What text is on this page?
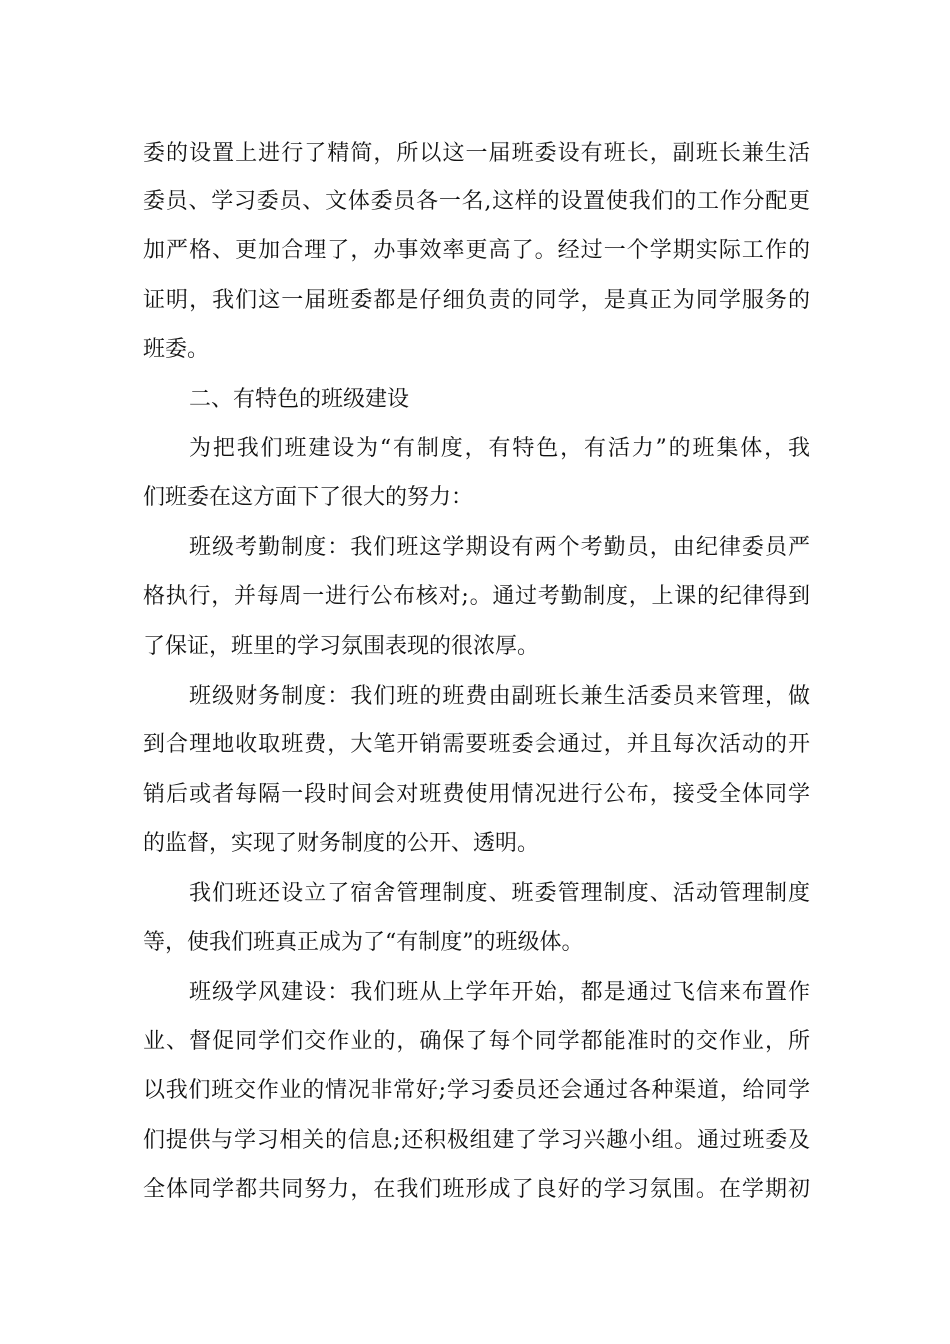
委的设置上进行了精简，所以这一届班委设有班长，副班长兼生活
委员、学习委员、文体委员各一名,这样的设置使我们的工作分配更
加严格、更加合理了，办事效率更高了。经过一个学期实际工作的
证明，我们这一届班委都是仔细负责的同学，是真正为同学服务的
班委。
二、有特色的班级建设
为把我们班建设为“有制度，有特色，有活力”的班集体，我
们班委在这方面下了很大的努力：
班级考勤制度：我们班这学期设有两个考勤员，由纪律委员严
格执行，并每周一进行公布核对;。通过考勤制度，上课的纪律得到
了保证，班里的学习氛围表现的很浓厚。
班级财务制度：我们班的班费由副班长兼生活委员来管理，做
到合理地收取班费，大笔开销需要班委会通过，并且每次活动的开
销后或者每隔一段时间会对班费使用情况进行公布，接受全体同学
的监督，实现了财务制度的公开、透明。
我们班还设立了宿舍管理制度、班委管理制度、活动管理制度
等，使我们班真正成为了“有制度”的班级体。
班级学风建设：我们班从上学年开始，都是通过飞信来布置作
业、督促同学们交作业的，确保了每个同学都能准时的交作业，所
以我们班交作业的情况非常好;学习委员还会通过各种渠道，给同学
们提供与学习相关的信息;还积极组建了学习兴趣小组。通过班委及
全体同学都共同努力，在我们班形成了良好的学习氛围。在学期初
